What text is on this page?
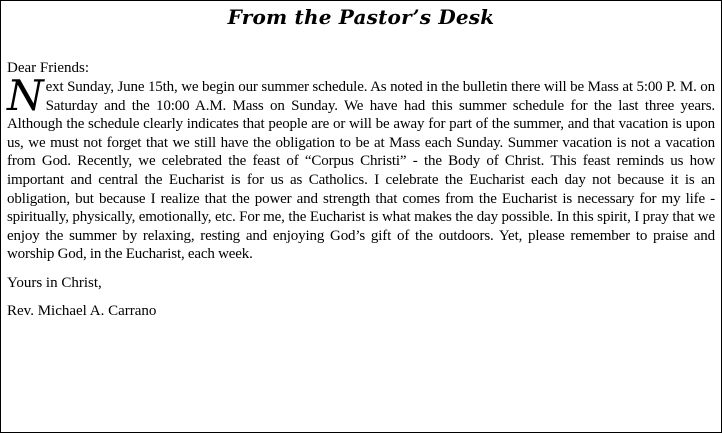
From the Pastor’s Desk

Dear Friends:

Next Sunday, June 15th, we begin our summer schedule. As noted in the bulletin there will be Mass at 5:00 P. M. on Saturday and the 10:00 A.M. Mass on Sunday. We have had this summer schedule for the last three years. Although the schedule clearly indicates that people are or will be away for part of the summer, and that vacation is upon us, we must not forget that we still have the obligation to be at Mass each Sunday. Summer vacation is not a vacation from God. Recently, we celebrated the feast of “Corpus Christi” - the Body of Christ. This feast reminds us how important and central the Eucharist is for us as Catholics. I celebrate the Eucharist each day not because it is an obligation, but because I realize that the power and strength that comes from the Eucharist is necessary for my life - spiritually, physically, emotionally, etc. For me, the Eucharist is what makes the day possible. In this spirit, I pray that we enjoy the summer by relaxing, resting and enjoying God’s gift of the outdoors. Yet, please remember to praise and worship God, in the Eucharist, each week.

Yours in Christ,

Rev. Michael A. Carrano
